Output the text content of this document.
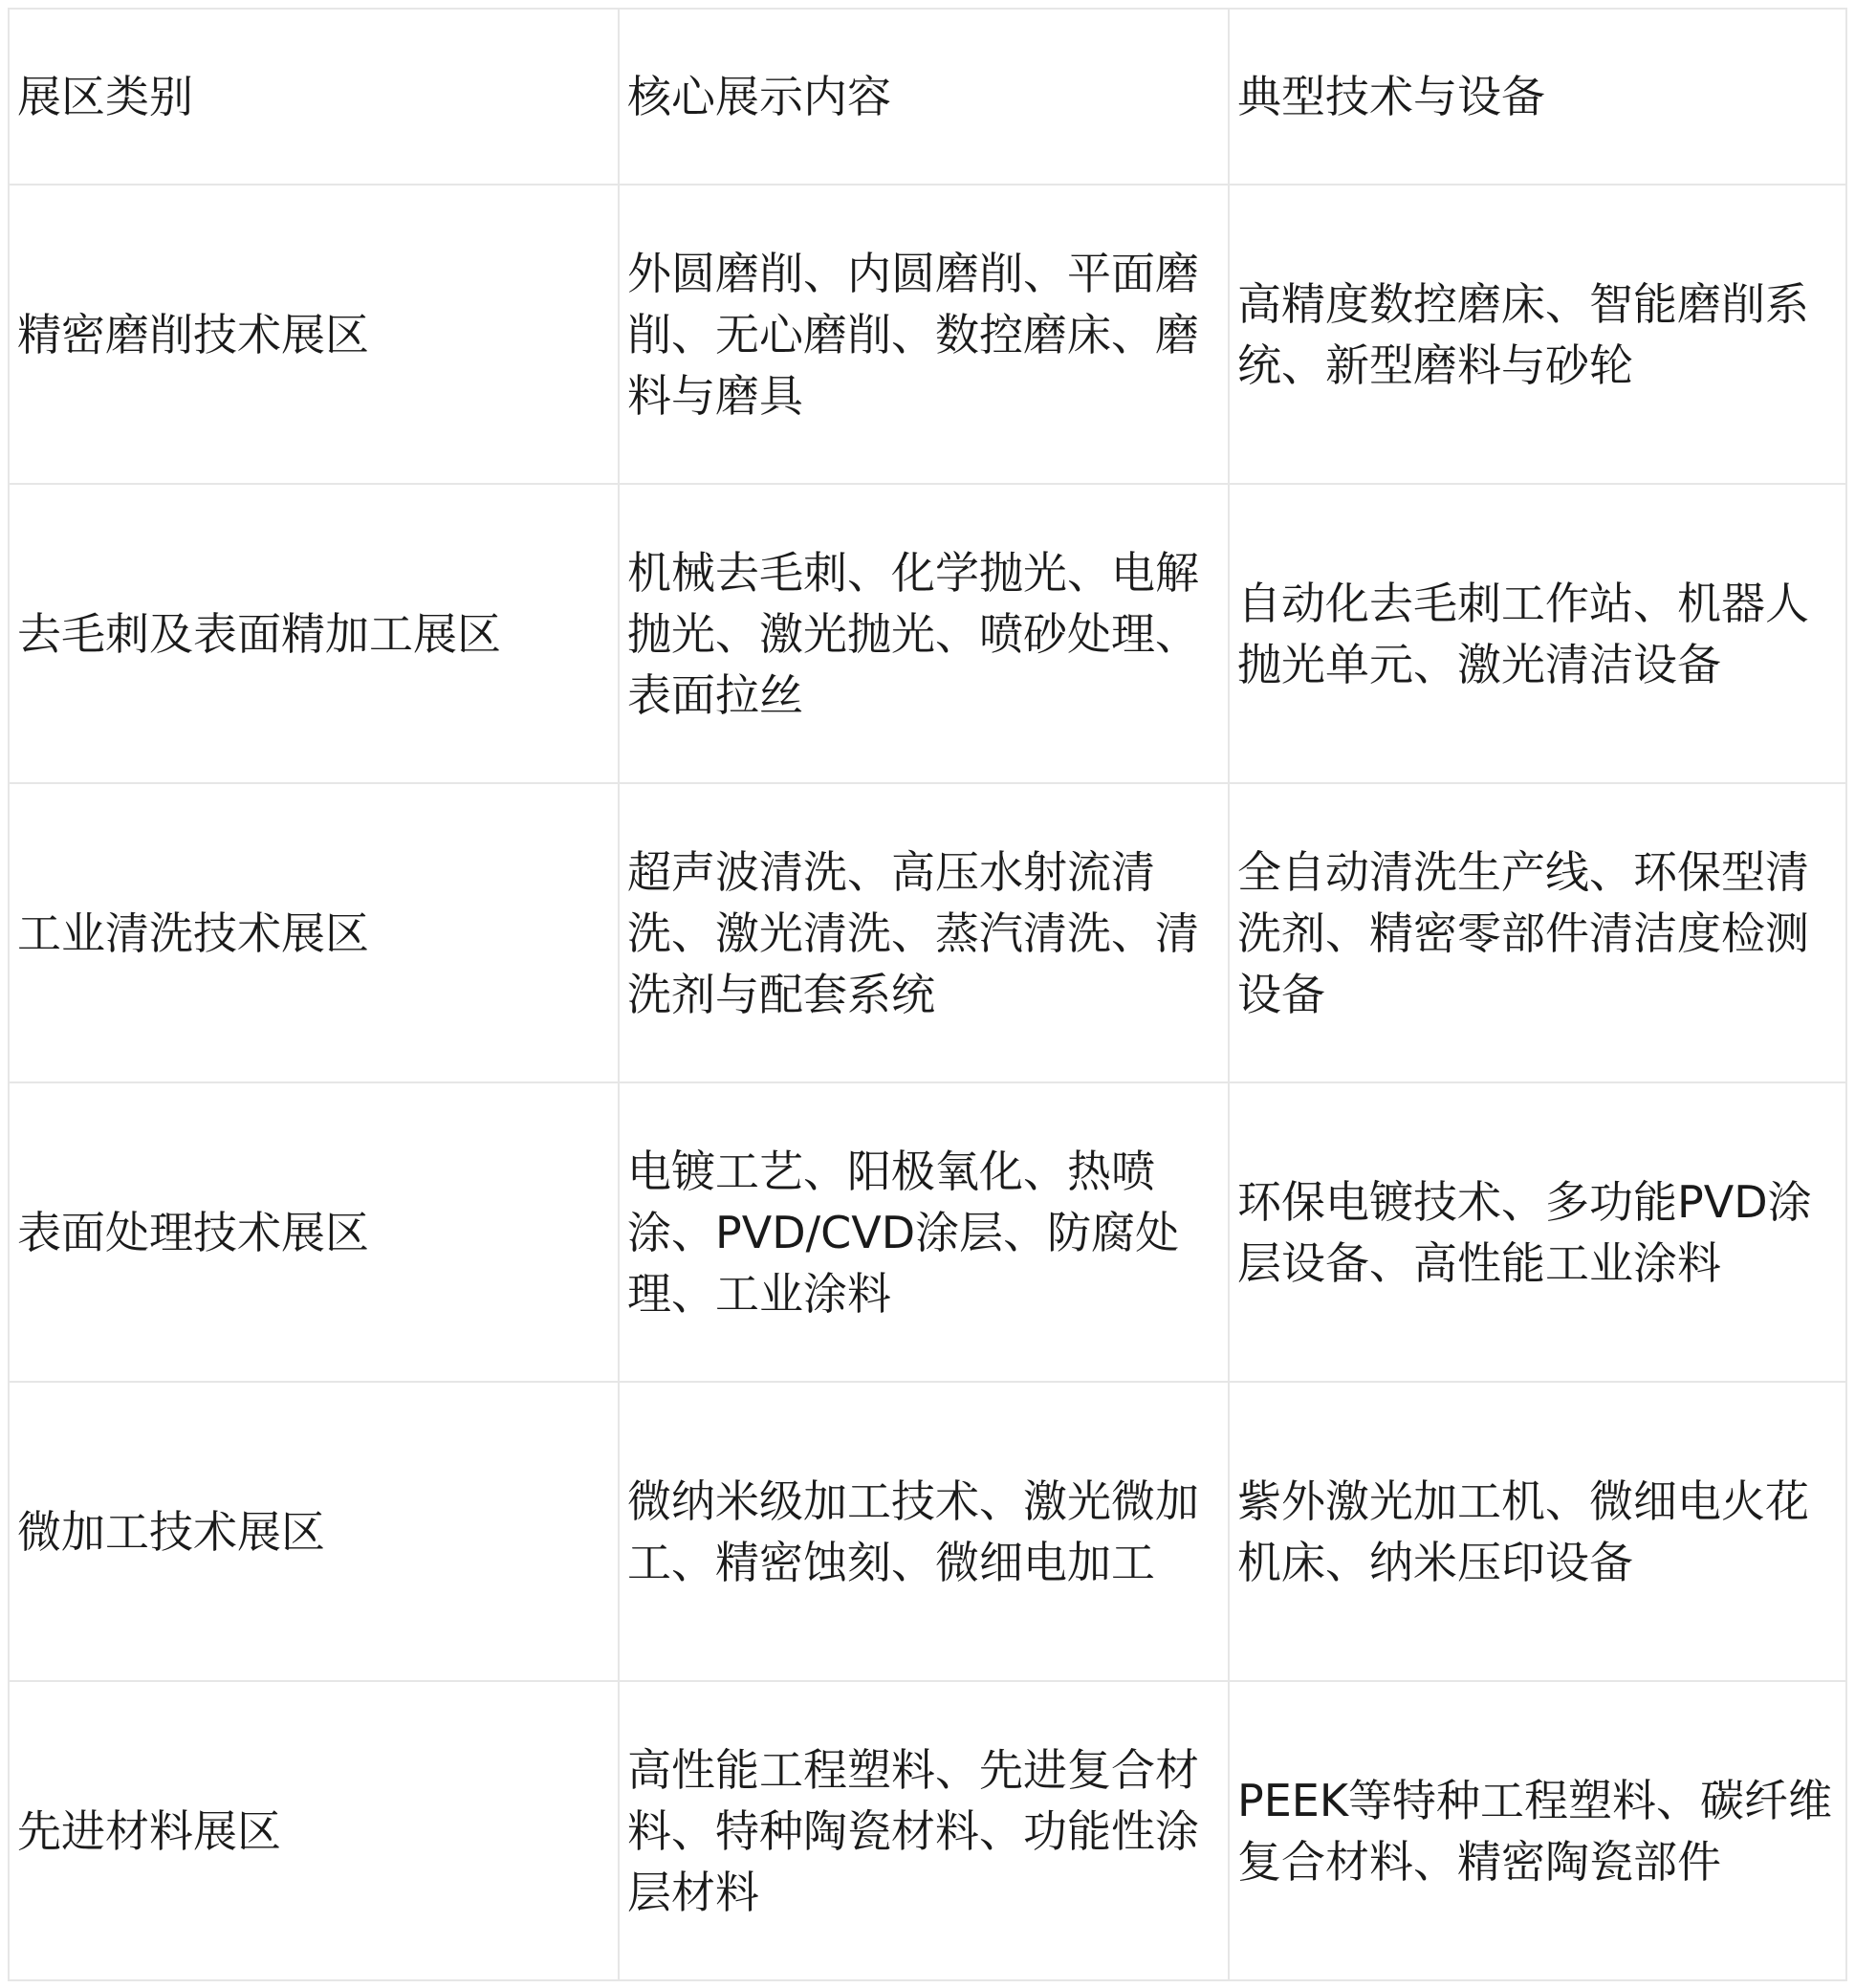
展区类别	核心展示内容	典型技术与设备
精密磨削技术展区	外圆磨削、内圆磨削、平面磨削、无心磨削、数控磨床、磨料与磨具	高精度数控磨床、智能磨削系统、新型磨料与砂轮
去毛刺及表面精加工展区	机械去毛刺、化学抛光、电解抛光、激光抛光、喷砂处理、表面拉丝	自动化去毛刺工作站、机器人抛光单元、激光清洁设备
工业清洗技术展区	超声波清洗、高压水射流清洗、激光清洗、蒸汽清洗、清洗剂与配套系统	全自动清洗生产线、环保型清洗剂、精密零部件清洁度检测设备
表面处理技术展区	电镀工艺、阳极氧化、热喷涂、PVD/CVD涂层、防腐处理、工业涂料	环保电镀技术、多功能PVD涂层设备、高性能工业涂料
微加工技术展区	微纳米级加工技术、激光微加工、精密蚀刻、微细电加工	紫外激光加工机、微细电火花机床、纳米压印设备
先进材料展区	高性能工程塑料、先进复合材料、特种陶瓷材料、功能性涂层材料	PEEK等特种工程塑料、碳纤维复合材料、精密陶瓷部件
